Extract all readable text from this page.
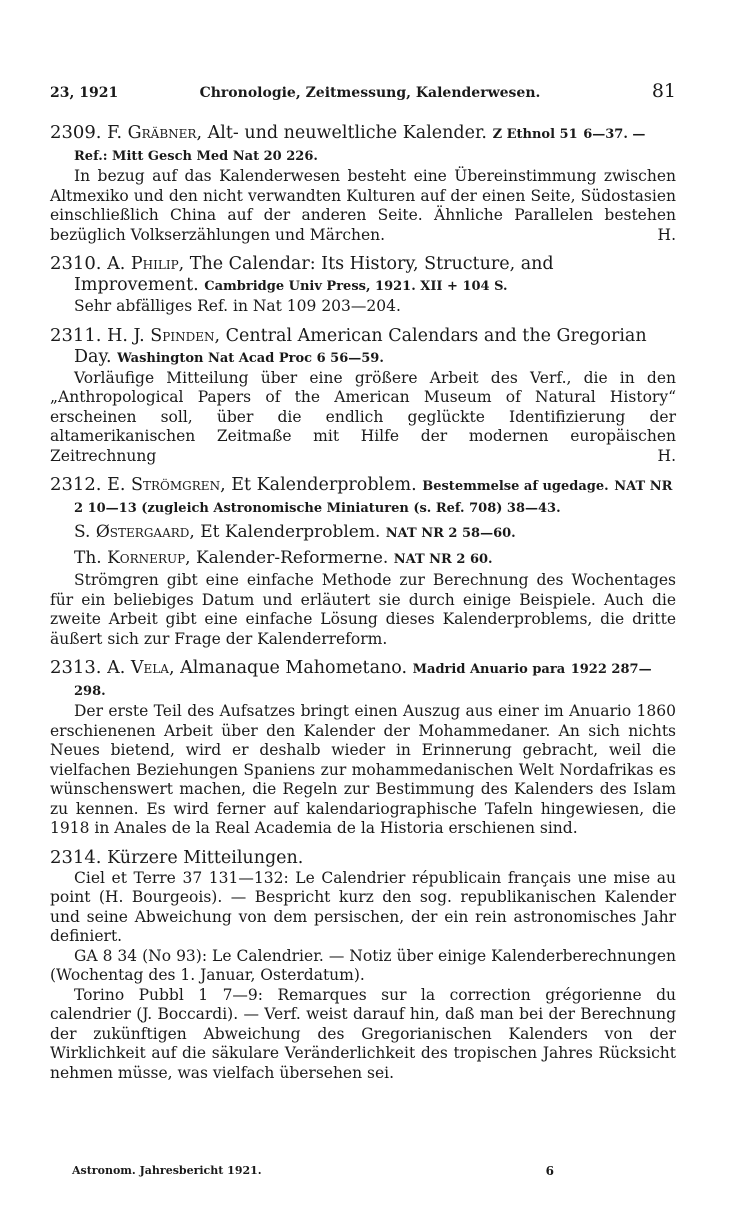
23, 1921	Chronologie, Zeitmessung, Kalenderwesen.	81

2309. F. Gräbner, Alt- und neuweltliche Kalender. Z Ethnol 51 6—37. — Ref.: Mitt Gesch Med Nat 20 226.

In bezug auf das Kalenderwesen besteht eine Übereinstimmung zwischen Altmexiko und den nicht verwandten Kulturen auf der einen Seite, Südostasien einschließlich China auf der anderen Seite. Ähnliche Parallelen bestehen bezüglich Volkserzählungen und Märchen.	H.

2310. A. Philip, The Calendar: Its History, Structure, and Improvement. Cambridge Univ Press, 1921. XII + 104 S.

Sehr abfälliges Ref. in Nat 109 203—204.

2311. H. J. Spinden, Central American Calendars and the Gregorian Day. Washington Nat Acad Proc 6 56—59.

Vorläufige Mitteilung über eine größere Arbeit des Verf., die in den „Anthropological Papers of the American Museum of Natural History“ erscheinen soll, über die endlich geglückte Identifizierung der altamerikanischen Zeitmaße mit Hilfe der modernen europäischen Zeitrechnung	H.

2312. E. Strömgren, Et Kalenderproblem. Bestemmelse af ugedage. NAT NR 2 10—13 (zugleich Astronomische Miniaturen (s. Ref. 708) 38—43.

S. Østergaard, Et Kalenderproblem. NAT NR 2 58—60.

Th. Kornerup, Kalender-Reformerne. NAT NR 2 60.

Strömgren gibt eine einfache Methode zur Berechnung des Wochentages für ein beliebiges Datum und erläutert sie durch einige Beispiele. Auch die zweite Arbeit gibt eine einfache Lösung dieses Kalenderproblems, die dritte äußert sich zur Frage der Kalenderreform.

2313. A. Vela, Almanaque Mahometano. Madrid Anuario para 1922 287—298.

Der erste Teil des Aufsatzes bringt einen Auszug aus einer im Anuario 1860 erschienenen Arbeit über den Kalender der Mohammedaner. An sich nichts Neues bietend, wird er deshalb wieder in Erinnerung gebracht, weil die vielfachen Beziehungen Spaniens zur mohammedanischen Welt Nordafrikas es wünschenswert machen, die Regeln zur Bestimmung des Kalenders des Islam zu kennen. Es wird ferner auf kalendariographische Tafeln hingewiesen, die 1918 in Anales de la Real Academia de la Historia erschienen sind.

2314. Kürzere Mitteilungen.

Ciel et Terre 37 131—132: Le Calendrier républicain français une mise au point (H. Bourgeois). — Bespricht kurz den sog. republikanischen Kalender und seine Abweichung von dem persischen, der ein rein astronomisches Jahr definiert.

GA 8 34 (No 93): Le Calendrier. — Notiz über einige Kalenderberechnungen (Wochentag des 1. Januar, Osterdatum).

Torino Pubbl 1 7—9: Remarques sur la correction grégorienne du calendrier (J. Boccardi). — Verf. weist darauf hin, daß man bei der Berechnung der zukünftigen Abweichung des Gregorianischen Kalenders von der Wirklichkeit auf die säkulare Veränderlichkeit des tropischen Jahres Rücksicht nehmen müsse, was vielfach übersehen sei.

Astronom. Jahresbericht 1921.	6
